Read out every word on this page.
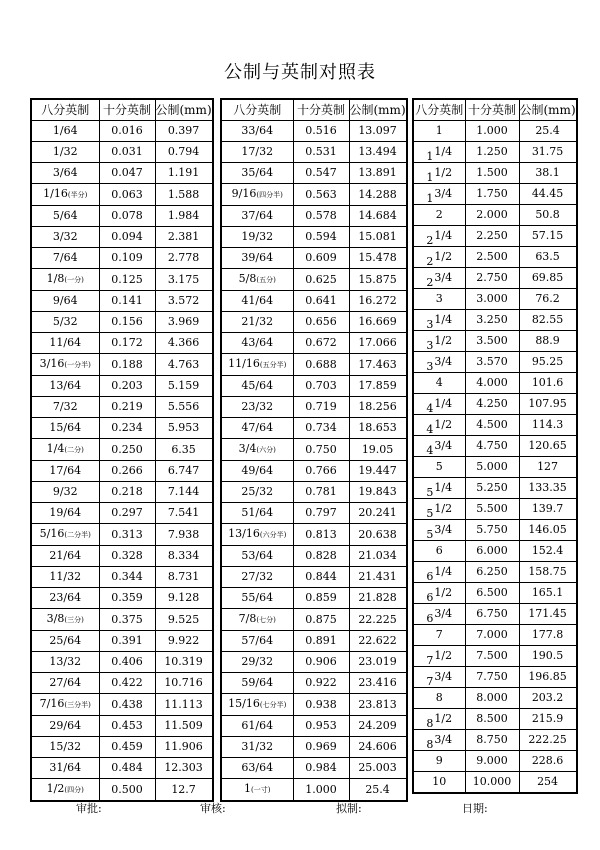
公制与英制对照表
八分英制	十分英制	公制(mm)
1/64	0.016	0.397
1/32	0.031	0.794
3/64	0.047	1.191
1/16(半分)	0.063	1.588
5/64	0.078	1.984
3/32	0.094	2.381
7/64	0.109	2.778
1/8(一分)	0.125	3.175
9/64	0.141	3.572
5/32	0.156	3.969
11/64	0.172	4.366
3/16(一分半)	0.188	4.763
13/64	0.203	5.159
7/32	0.219	5.556
15/64	0.234	5.953
1/4(二分)	0.250	6.35
17/64	0.266	6.747
9/32	0.218	7.144
19/64	0.297	7.541
5/16(二分半)	0.313	7.938
21/64	0.328	8.334
11/32	0.344	8.731
23/64	0.359	9.128
3/8(三分)	0.375	9.525
25/64	0.391	9.922
13/32	0.406	10.319
27/64	0.422	10.716
7/16(三分半)	0.438	11.113
29/64	0.453	11.509
15/32	0.459	11.906
31/64	0.484	12.303
1/2(四分)	0.500	12.7
八分英制	十分英制	公制(mm)
33/64	0.516	13.097
17/32	0.531	13.494
35/64	0.547	13.891
9/16(四分半)	0.563	14.288
37/64	0.578	14.684
19/32	0.594	15.081
39/64	0.609	15.478
5/8(五分)	0.625	15.875
41/64	0.641	16.272
21/32	0.656	16.669
43/64	0.672	17.066
11/16(五分半)	0.688	17.463
45/64	0.703	17.859
23/32	0.719	18.256
47/64	0.734	18.653
3/4(六分)	0.750	19.05
49/64	0.766	19.447
25/32	0.781	19.843
51/64	0.797	20.241
13/16(六分半)	0.813	20.638
53/64	0.828	21.034
27/32	0.844	21.431
55/64	0.859	21.828
7/8(七分)	0.875	22.225
57/64	0.891	22.622
29/32	0.906	23.019
59/64	0.922	23.416
15/16(七分半)	0.938	23.813
61/64	0.953	24.209
31/32	0.969	24.606
63/64	0.984	25.003
1(一寸)	1.000	25.4
八分英制	十分英制	公制(mm)
1	1.000	25.4
11/4	1.250	31.75
11/2	1.500	38.1
13/4	1.750	44.45
2	2.000	50.8
21/4	2.250	57.15
21/2	2.500	63.5
23/4	2.750	69.85
3	3.000	76.2
31/4	3.250	82.55
31/2	3.500	88.9
33/4	3.570	95.25
4	4.000	101.6
41/4	4.250	107.95
41/2	4.500	114.3
43/4	4.750	120.65
5	5.000	127
51/4	5.250	133.35
51/2	5.500	139.7
53/4	5.750	146.05
6	6.000	152.4
61/4	6.250	158.75
61/2	6.500	165.1
63/4	6.750	171.45
7	7.000	177.8
71/2	7.500	190.5
73/4	7.750	196.85
8	8.000	203.2
81/2	8.500	215.9
83/4	8.750	222.25
9	9.000	228.6
10	10.000	254
审批:	审核:	拟制:	日期:
